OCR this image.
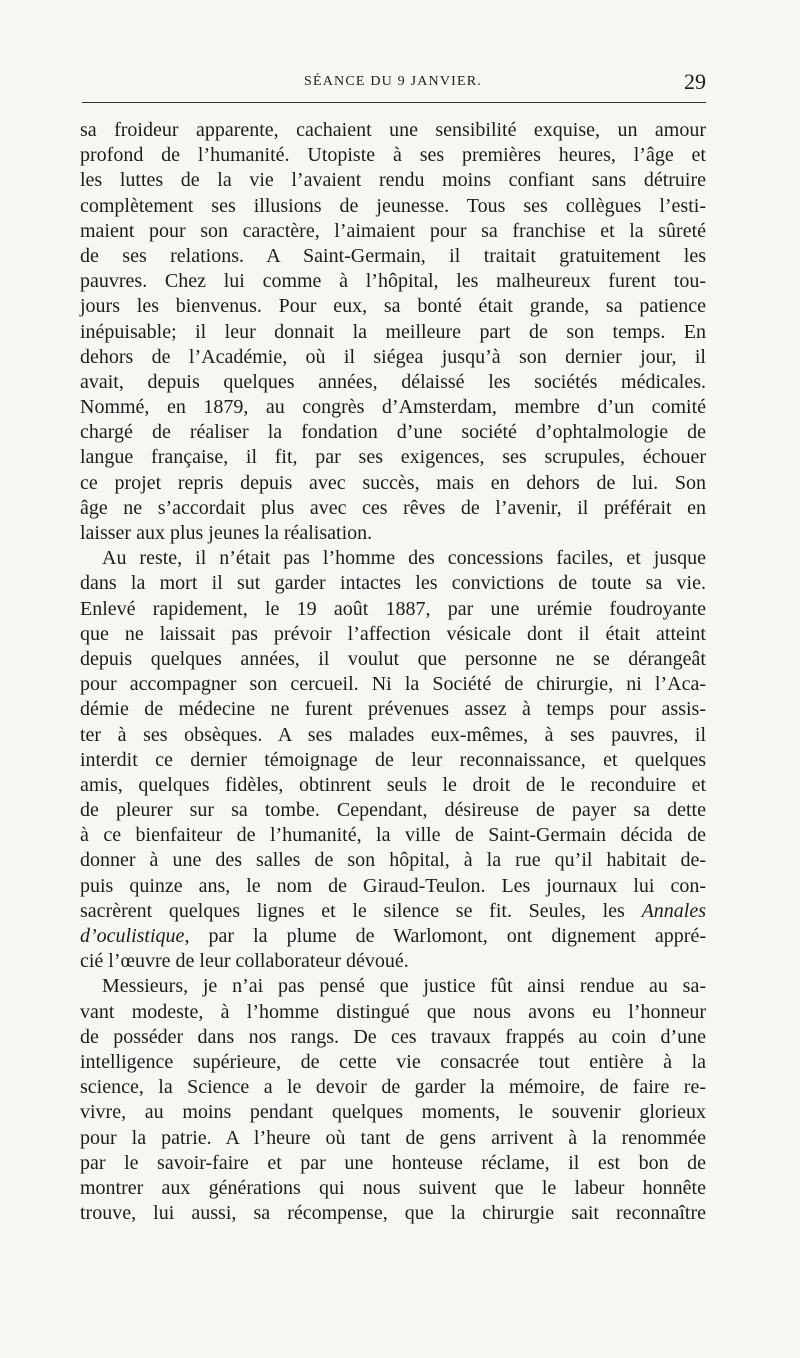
SÉANCE DU 9 JANVIER.	29
sa froideur apparente, cachaient une sensibilité exquise, un amour
profond de l’humanité. Utopiste à ses premières heures, l’âge et
les luttes de la vie l’avaient rendu moins confiant sans détruire
complètement ses illusions de jeunesse. Tous ses collègues l’esti-
maient pour son caractère, l’aimaient pour sa franchise et la sûreté
de ses relations. A Saint-Germain, il traitait gratuitement les
pauvres. Chez lui comme à l’hôpital, les malheureux furent tou-
jours les bienvenus. Pour eux, sa bonté était grande, sa patience
inépuisable; il leur donnait la meilleure part de son temps. En
dehors de l’Académie, où il siégea jusqu’à son dernier jour, il
avait, depuis quelques années, délaissé les sociétés médicales.
Nommé, en 1879, au congrès d’Amsterdam, membre d’un comité
chargé de réaliser la fondation d’une société d’ophtalmologie de
langue française, il fit, par ses exigences, ses scrupules, échouer
ce projet repris depuis avec succès, mais en dehors de lui. Son
âge ne s’accordait plus avec ces rêves de l’avenir, il préférait en
laisser aux plus jeunes la réalisation.
Au reste, il n’était pas l’homme des concessions faciles, et jusque
dans la mort il sut garder intactes les convictions de toute sa vie.
Enlevé rapidement, le 19 août 1887, par une urémie foudroyante
que ne laissait pas prévoir l’affection vésicale dont il était atteint
depuis quelques années, il voulut que personne ne se dérangeât
pour accompagner son cercueil. Ni la Société de chirurgie, ni l’Aca-
démie de médecine ne furent prévenues assez à temps pour assis-
ter à ses obsèques. A ses malades eux-mêmes, à ses pauvres, il
interdit ce dernier témoignage de leur reconnaissance, et quelques
amis, quelques fidèles, obtinrent seuls le droit de le reconduire et
de pleurer sur sa tombe. Cependant, désireuse de payer sa dette
à ce bienfaiteur de l’humanité, la ville de Saint-Germain décida de
donner à une des salles de son hôpital, à la rue qu’il habitait de-
puis quinze ans, le nom de Giraud-Teulon. Les journaux lui con-
sacrèrent quelques lignes et le silence se fit. Seules, les Annales
d’oculistique, par la plume de Warlomont, ont dignement appré-
cié l’œuvre de leur collaborateur dévoué.
Messieurs, je n’ai pas pensé que justice fût ainsi rendue au sa-
vant modeste, à l’homme distingué que nous avons eu l’honneur
de posséder dans nos rangs. De ces travaux frappés au coin d’une
intelligence supérieure, de cette vie consacrée tout entière à la
science, la Science a le devoir de garder la mémoire, de faire re-
vivre, au moins pendant quelques moments, le souvenir glorieux
pour la patrie. A l’heure où tant de gens arrivent à la renommée
par le savoir-faire et par une honteuse réclame, il est bon de
montrer aux générations qui nous suivent que le labeur honnête
trouve, lui aussi, sa récompense, que la chirurgie sait reconnaître
